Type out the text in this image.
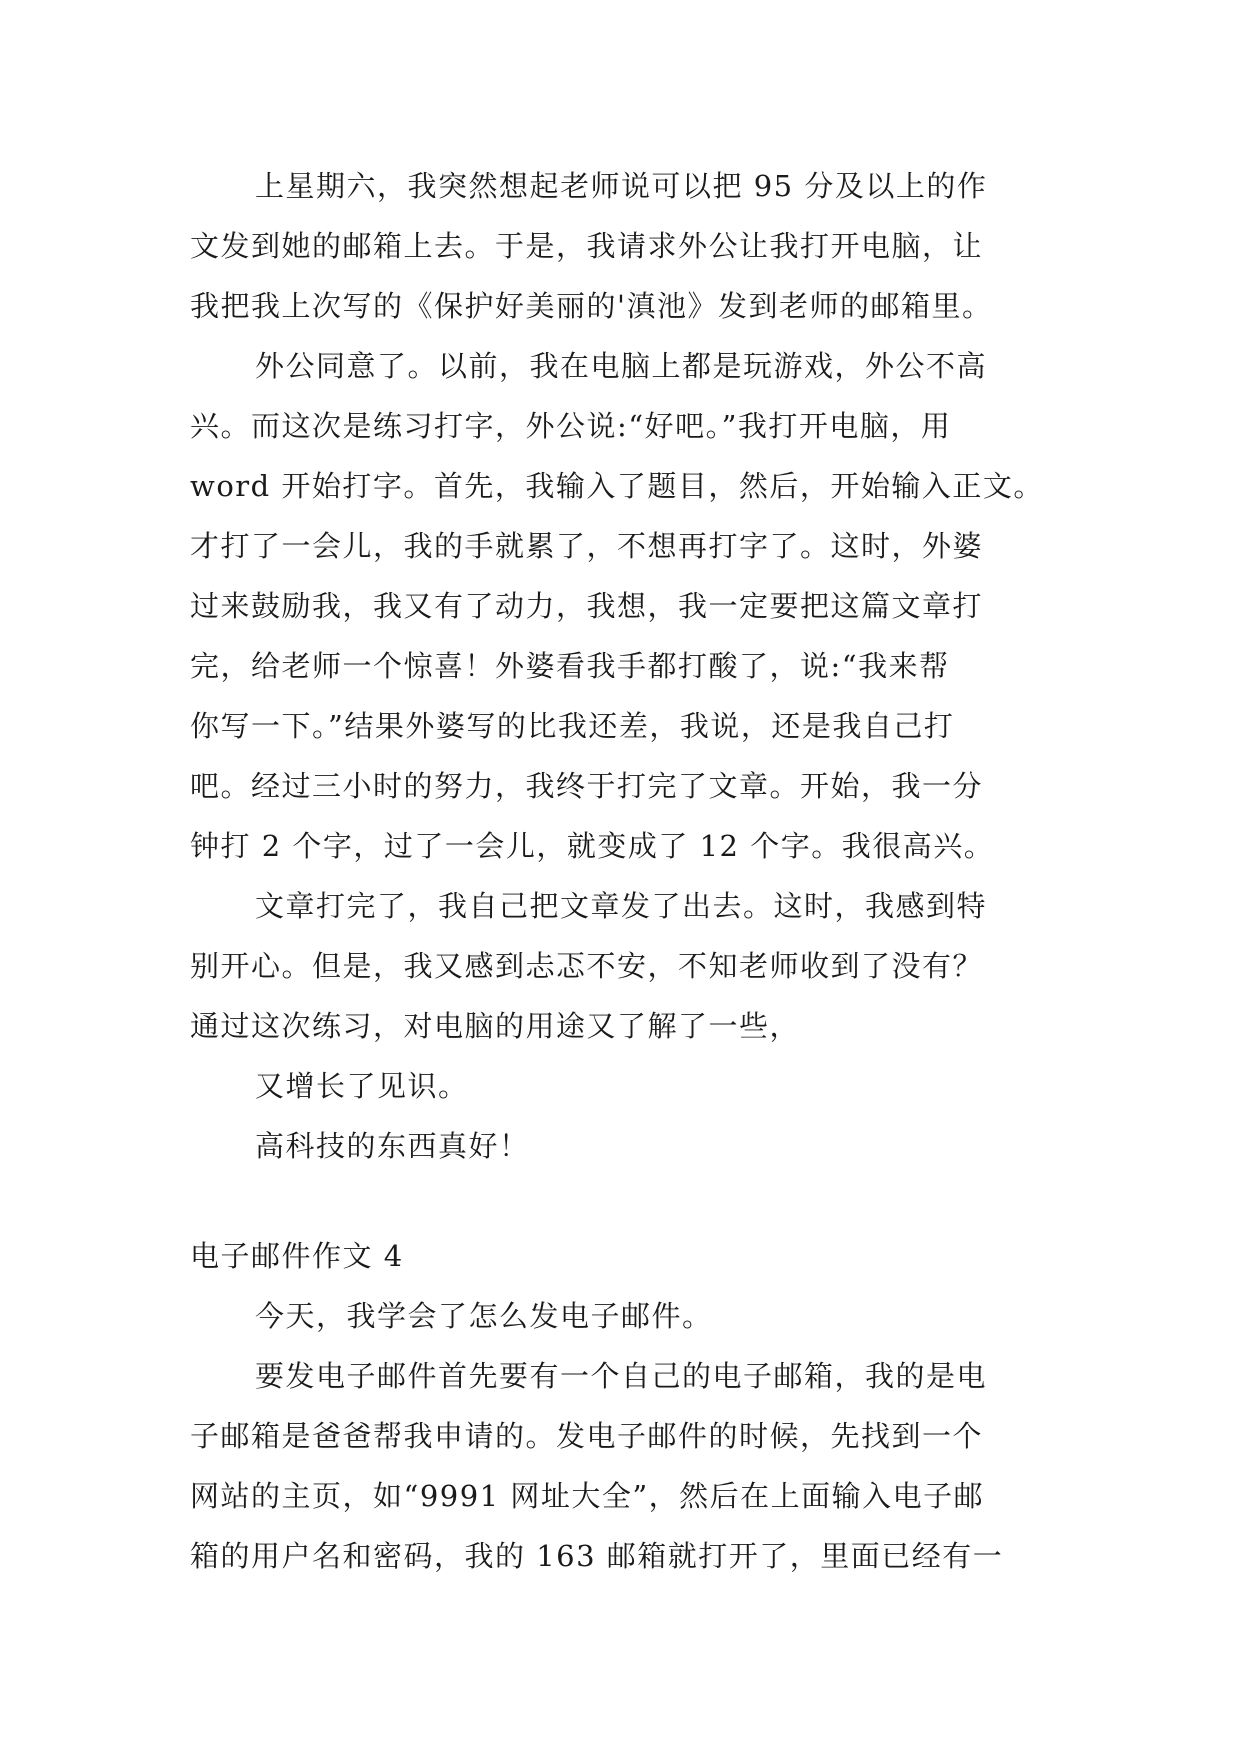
上星期六，我突然想起老师说可以把 95 分及以上的作
文发到她的邮箱上去。于是，我请求外公让我打开电脑，让
我把我上次写的《保护好美丽的'滇池》发到老师的邮箱里。
外公同意了。以前，我在电脑上都是玩游戏，外公不高
兴。而这次是练习打字，外公说:“好吧。”我打开电脑，用
word 开始打字。首先，我输入了题目，然后，开始输入正文。
才打了一会儿，我的手就累了，不想再打字了。这时，外婆
过来鼓励我，我又有了动力，我想，我一定要把这篇文章打
完，给老师一个惊喜！外婆看我手都打酸了，说:“我来帮
你写一下。”结果外婆写的比我还差，我说，还是我自己打
吧。经过三小时的努力，我终于打完了文章。开始，我一分
钟打 2 个字，过了一会儿，就变成了 12 个字。我很高兴。
文章打完了，我自己把文章发了出去。这时，我感到特
别开心。但是，我又感到忐忑不安，不知老师收到了没有？
通过这次练习，对电脑的用途又了解了一些，
又增长了见识。
高科技的东西真好！
电子邮件作文 4
今天，我学会了怎么发电子邮件。
要发电子邮件首先要有一个自己的电子邮箱，我的是电
子邮箱是爸爸帮我申请的。发电子邮件的时候，先找到一个
网站的主页，如“9991 网址大全”，然后在上面输入电子邮
箱的用户名和密码，我的 163 邮箱就打开了，里面已经有一
